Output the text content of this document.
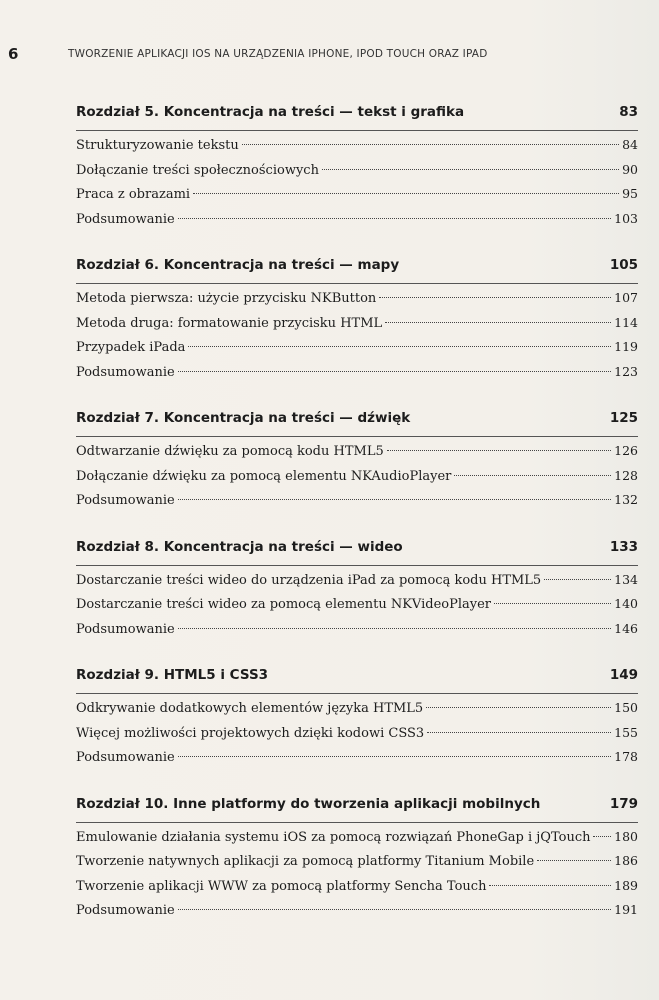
6	TWORZENIE APLIKACJI IOS NA URZĄDZENIA IPHONE, IPOD TOUCH ORAZ IPAD
Rozdział 5. Koncentracja na treści — tekst i grafika	83
Strukturyzowanie tekstu	84
Dołączanie treści społecznościowych	90
Praca z obrazami	95
Podsumowanie	103
Rozdział 6. Koncentracja na treści — mapy	105
Metoda pierwsza: użycie przycisku NKButton	107
Metoda druga: formatowanie przycisku HTML	114
Przypadek iPada	119
Podsumowanie	123
Rozdział 7. Koncentracja na treści — dźwięk	125
Odtwarzanie dźwięku za pomocą kodu HTML5	126
Dołączanie dźwięku za pomocą elementu NKAudioPlayer	128
Podsumowanie	132
Rozdział 8. Koncentracja na treści — wideo	133
Dostarczanie treści wideo do urządzenia iPad za pomocą kodu HTML5	134
Dostarczanie treści wideo za pomocą elementu NKVideoPlayer	140
Podsumowanie	146
Rozdział 9. HTML5 i CSS3	149
Odkrywanie dodatkowych elementów języka HTML5	150
Więcej możliwości projektowych dzięki kodowi CSS3	155
Podsumowanie	178
Rozdział 10. Inne platformy do tworzenia aplikacji mobilnych	179
Emulowanie działania systemu iOS za pomocą rozwiązań PhoneGap i jQTouch 180
Tworzenie natywnych aplikacji za pomocą platformy Titanium Mobile	186
Tworzenie aplikacji WWW za pomocą platformy Sencha Touch	189
Podsumowanie	191
